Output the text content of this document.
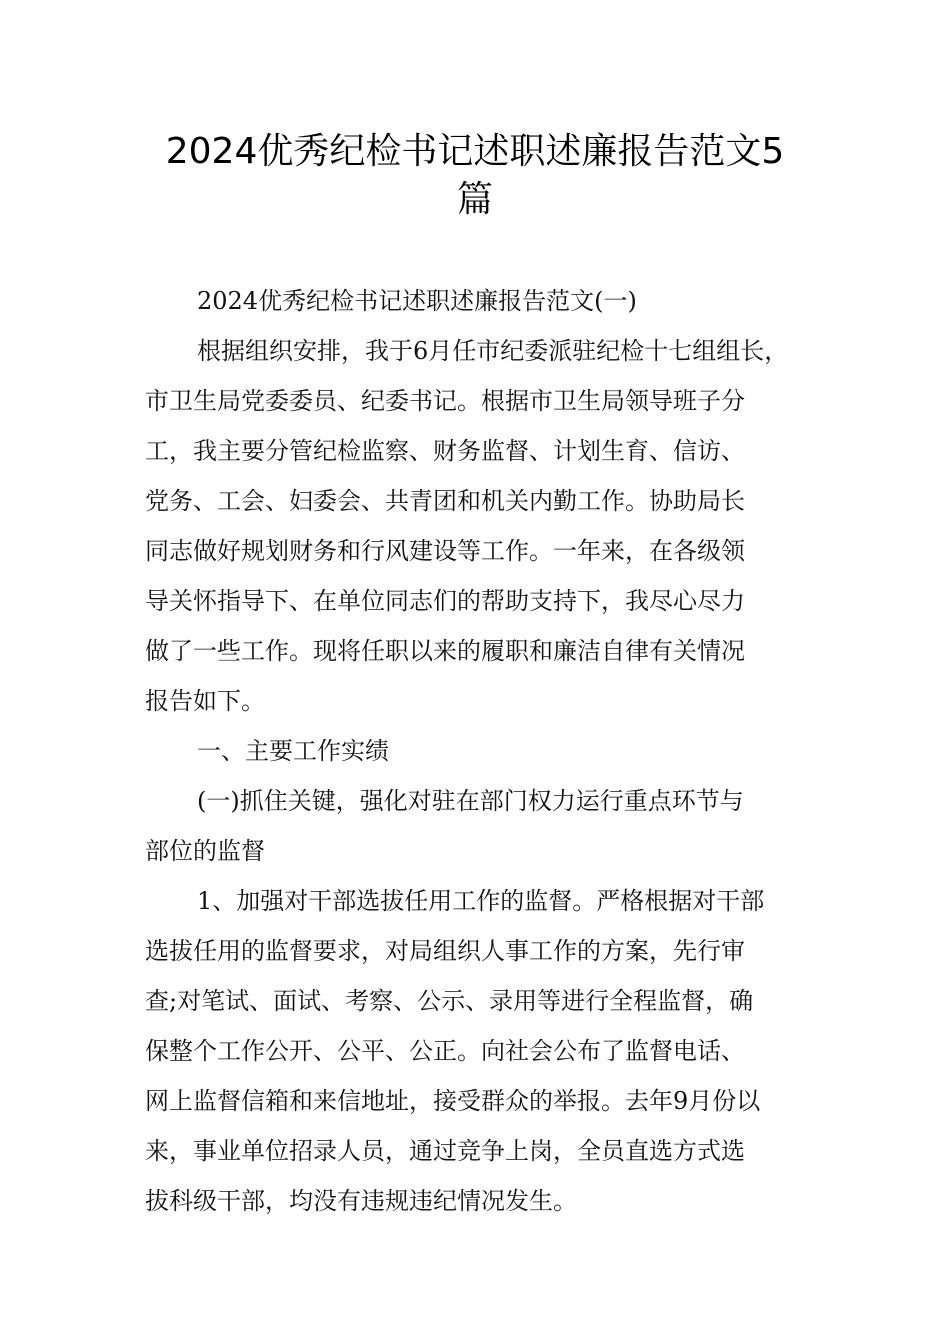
2024优秀纪检书记述职述廉报告范文5
篇
2024优秀纪检书记述职述廉报告范文(一)
根据组织安排，我于6月任市纪委派驻纪检十七组组长，
市卫生局党委委员、纪委书记。根据市卫生局领导班子分
工，我主要分管纪检监察、财务监督、计划生育、信访、
党务、工会、妇委会、共青团和机关内勤工作。协助局长
同志做好规划财务和行风建设等工作。一年来，在各级领
导关怀指导下、在单位同志们的帮助支持下，我尽心尽力
做了一些工作。现将任职以来的履职和廉洁自律有关情况
报告如下。
一、主要工作实绩
(一)抓住关键，强化对驻在部门权力运行重点环节与
部位的监督
1、加强对干部选拔任用工作的监督。严格根据对干部
选拔任用的监督要求，对局组织人事工作的方案，先行审
查;对笔试、面试、考察、公示、录用等进行全程监督，确
保整个工作公开、公平、公正。向社会公布了监督电话、
网上监督信箱和来信地址，接受群众的举报。去年9月份以
来，事业单位招录人员，通过竞争上岗，全员直选方式选
拔科级干部，均没有违规违纪情况发生。
